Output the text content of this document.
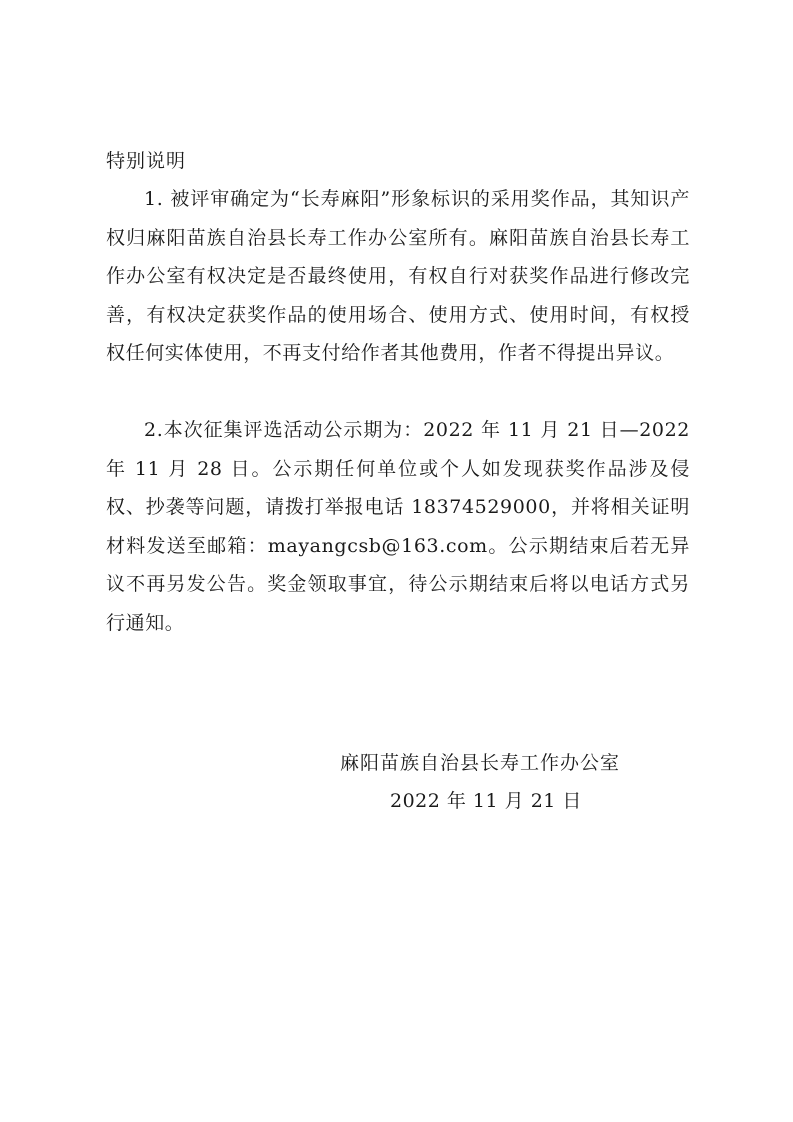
特别说明

1. 被评审确定为“长寿麻阳”形象标识的采用奖作品，其知识产权归麻阳苗族自治县长寿工作办公室所有。麻阳苗族自治县长寿工作办公室有权决定是否最终使用，有权自行对获奖作品进行修改完善，有权决定获奖作品的使用场合、使用方式、使用时间，有权授权任何实体使用，不再支付给作者其他费用，作者不得提出异议。

2.本次征集评选活动公示期为：2022 年 11 月 21 日—2022 年 11 月 28 日。公示期任何单位或个人如发现获奖作品涉及侵权、抄袭等问题，请拨打举报电话 18374529000，并将相关证明材料发送至邮箱：mayangcsb@163.com。公示期结束后若无异议不再另发公告。奖金领取事宜，待公示期结束后将以电话方式另行通知。

麻阳苗族自治县长寿工作办公室
2022 年 11 月 21 日
